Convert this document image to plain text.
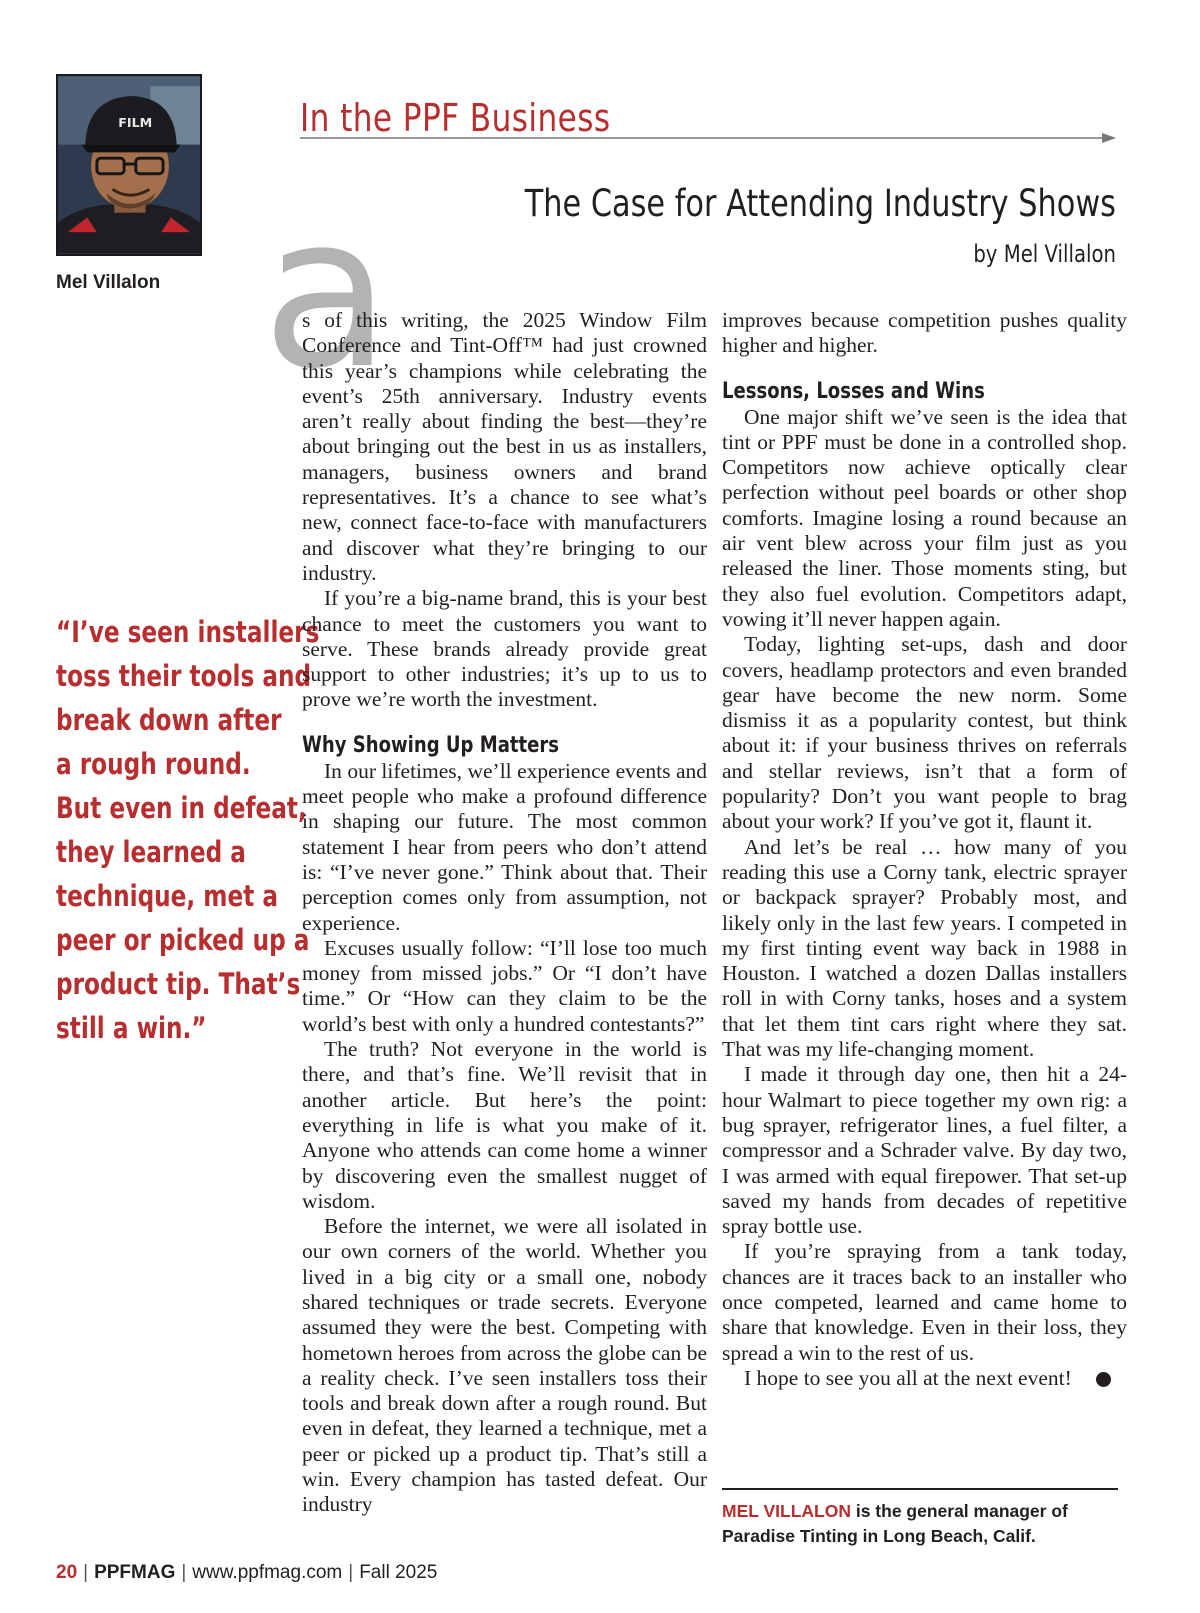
FILM
Mel Villalon
In the PPF Business
The Case for Attending Industry Shows
by Mel Villalon
a
“I’ve seen installers
toss their tools and
break down after
a rough round.
But even in defeat,
they learned a
technique, met a
peer or picked up a
product tip. That’s
still a win.”

s of this writing, the 2025 Window Film Conference and Tint-Off™ had just crowned this year’s champions while celebrating the event’s 25th anniversary. Industry events aren’t really about finding the best—they’re about bringing out the best in us as installers, managers, business owners and brand representatives. It’s a chance to see what’s new, connect face-to-face with manufacturers and discover what they’re bringing to our industry.

If you’re a big-name brand, this is your best chance to meet the customers you want to serve. These brands already provide great support to other industries; it’s up to us to prove we’re worth the investment.

Why Showing Up Matters

In our lifetimes, we’ll experience events and meet people who make a profound difference in shaping our future. The most common statement I hear from peers who don’t attend is: “I’ve never gone.” Think about that. Their perception comes only from assumption, not experience.

Excuses usually follow: “I’ll lose too much money from missed jobs.” Or “I don’t have time.” Or “How can they claim to be the world’s best with only a hundred contestants?”

The truth? Not everyone in the world is there, and that’s fine. We’ll revisit that in another article. But here’s the point: everything in life is what you make of it. Anyone who attends can come home a winner by discovering even the smallest nugget of wisdom.

Before the internet, we were all isolated in our own corners of the world. Whether you lived in a big city or a small one, nobody shared techniques or trade secrets. Everyone assumed they were the best. Competing with hometown heroes from across the globe can be a reality check. I’ve seen installers toss their tools and break down after a rough round. But even in defeat, they learned a technique, met a peer or picked up a product tip. That’s still a win. Every champion has tasted defeat. Our industry

improves because competition pushes quality higher and higher.

Lessons, Losses and Wins

One major shift we’ve seen is the idea that tint or PPF must be done in a controlled shop. Competitors now achieve optically clear perfection without peel boards or other shop comforts. Imagine losing a round because an air vent blew across your film just as you released the liner. Those moments sting, but they also fuel evolution. Competitors adapt, vowing it’ll never happen again.

Today, lighting set-ups, dash and door covers, headlamp protectors and even branded gear have become the new norm. Some dismiss it as a popularity contest, but think about it: if your business thrives on referrals and stellar reviews, isn’t that a form of popularity? Don’t you want people to brag about your work? If you’ve got it, flaunt it.

And let’s be real … how many of you reading this use a Corny tank, electric sprayer or backpack sprayer? Probably most, and likely only in the last few years. I competed in my first tinting event way back in 1988 in Houston. I watched a dozen Dallas installers roll in with Corny tanks, hoses and a system that let them tint cars right where they sat. That was my life-changing moment.

I made it through day one, then hit a 24-hour Walmart to piece together my own rig: a bug sprayer, refrigerator lines, a fuel filter, a compressor and a Schrader valve. By day two, I was armed with equal firepower. That set-up saved my hands from decades of repetitive spray bottle use.

If you’re spraying from a tank today, chances are it traces back to an installer who once competed, learned and came home to share that knowledge. Even in their loss, they spread a win to the rest of us.

I hope to see you all at the next event!

MEL VILLALON is the general manager of Paradise Tinting in Long Beach, Calif.
20 | PPFMAG | www.ppfmag.com | Fall 2025
